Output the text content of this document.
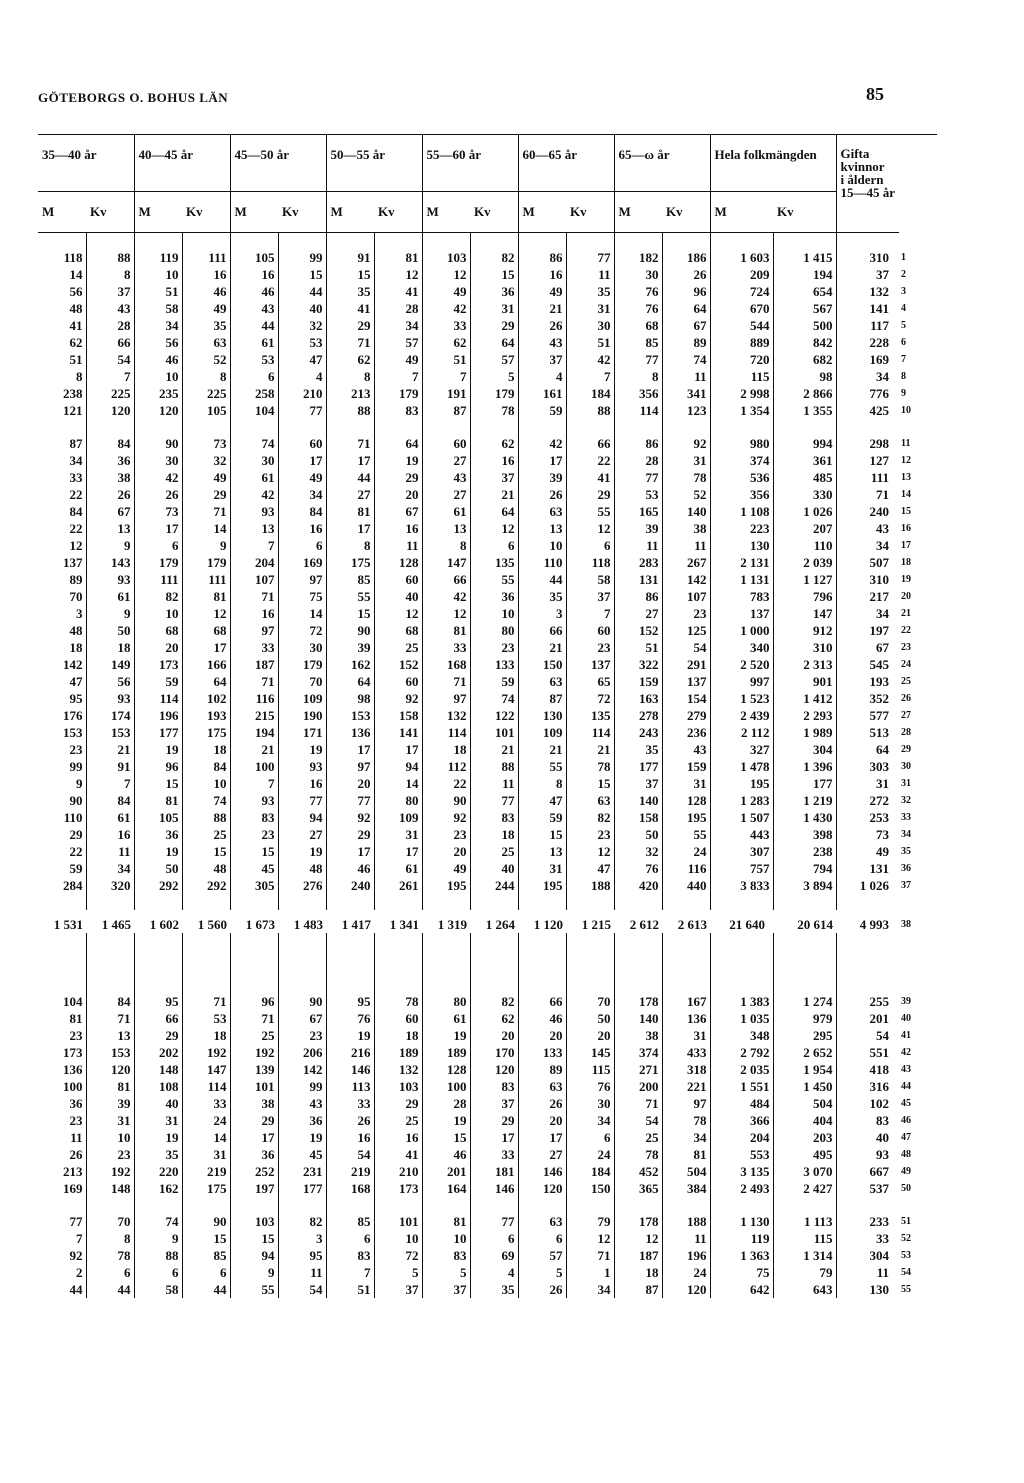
GÖTEBORGS O. BOHUS LÄN	85
35—40 år		40—45 år		45—50 år		50—55 år		55—60 år		60—65 år		65—ω år		Hela folkmängden		Gifta
kvinnor
i åldern
15—45 år	

M	Kv	M	Kv	M	Kv	M	Kv	M	Kv	M	Kv	M	Kv	M	Kv		

118	88	119	111	105	99	91	81	103	82	86	77	182	186	1 603	1 415	310	1
14	8	10	16	16	15	15	12	12	15	16	11	30	26	209	194	37	2
56	37	51	46	46	44	35	41	49	36	49	35	76	96	724	654	132	3
48	43	58	49	43	40	41	28	42	31	21	31	76	64	670	567	141	4
41	28	34	35	44	32	29	34	33	29	26	30	68	67	544	500	117	5
62	66	56	63	61	53	71	57	62	64	43	51	85	89	889	842	228	6
51	54	46	52	53	47	62	49	51	57	37	42	77	74	720	682	169	7
8	7	10	8	6	4	8	7	7	5	4	7	8	11	115	98	34	8
238	225	235	225	258	210	213	179	191	179	161	184	356	341	2 998	2 866	776	9
121	120	120	105	104	77	88	83	87	78	59	88	114	123	1 354	1 355	425	10

87	84	90	73	74	60	71	64	60	62	42	66	86	92	980	994	298	11
34	36	30	32	30	17	17	19	27	16	17	22	28	31	374	361	127	12
33	38	42	49	61	49	44	29	43	37	39	41	77	78	536	485	111	13
22	26	26	29	42	34	27	20	27	21	26	29	53	52	356	330	71	14
84	67	73	71	93	84	81	67	61	64	63	55	165	140	1 108	1 026	240	15
22	13	17	14	13	16	17	16	13	12	13	12	39	38	223	207	43	16
12	9	6	9	7	6	8	11	8	6	10	6	11	11	130	110	34	17
137	143	179	179	204	169	175	128	147	135	110	118	283	267	2 131	2 039	507	18
89	93	111	111	107	97	85	60	66	55	44	58	131	142	1 131	1 127	310	19
70	61	82	81	71	75	55	40	42	36	35	37	86	107	783	796	217	20
3	9	10	12	16	14	15	12	12	10	3	7	27	23	137	147	34	21
48	50	68	68	97	72	90	68	81	80	66	60	152	125	1 000	912	197	22
18	18	20	17	33	30	39	25	33	23	21	23	51	54	340	310	67	23
142	149	173	166	187	179	162	152	168	133	150	137	322	291	2 520	2 313	545	24
47	56	59	64	71	70	64	60	71	59	63	65	159	137	997	901	193	25
95	93	114	102	116	109	98	92	97	74	87	72	163	154	1 523	1 412	352	26
176	174	196	193	215	190	153	158	132	122	130	135	278	279	2 439	2 293	577	27
153	153	177	175	194	171	136	141	114	101	109	114	243	236	2 112	1 989	513	28
23	21	19	18	21	19	17	17	18	21	21	21	35	43	327	304	64	29
99	91	96	84	100	93	97	94	112	88	55	78	177	159	1 478	1 396	303	30
9	7	15	10	7	16	20	14	22	11	8	15	37	31	195	177	31	31
90	84	81	74	93	77	77	80	90	77	47	63	140	128	1 283	1 219	272	32
110	61	105	88	83	94	92	109	92	83	59	82	158	195	1 507	1 430	253	33
29	16	36	25	23	27	29	31	23	18	15	23	50	55	443	398	73	34
22	11	19	15	15	19	17	17	20	25	13	12	32	24	307	238	49	35
59	34	50	48	45	48	46	61	49	40	31	47	76	116	757	794	131	36
284	320	292	292	305	276	240	261	195	244	195	188	420	440	3 833	3 894	1 026	37

1 531	1 465	1 602	1 560	1 673	1 483	1 417	1 341	1 319	1 264	1 120	1 215	2 612	2 613	21 640	20 614	4 993	38

104	84	95	71	96	90	95	78	80	82	66	70	178	167	1 383	1 274	255	39
81	71	66	53	71	67	76	60	61	62	46	50	140	136	1 035	979	201	40
23	13	29	18	25	23	19	18	19	20	20	20	38	31	348	295	54	41
173	153	202	192	192	206	216	189	189	170	133	145	374	433	2 792	2 652	551	42
136	120	148	147	139	142	146	132	128	120	89	115	271	318	2 035	1 954	418	43
100	81	108	114	101	99	113	103	100	83	63	76	200	221	1 551	1 450	316	44
36	39	40	33	38	43	33	29	28	37	26	30	71	97	484	504	102	45
23	31	31	24	29	36	26	25	19	29	20	34	54	78	366	404	83	46
11	10	19	14	17	19	16	16	15	17	17	6	25	34	204	203	40	47
26	23	35	31	36	45	54	41	46	33	27	24	78	81	553	495	93	48
213	192	220	219	252	231	219	210	201	181	146	184	452	504	3 135	3 070	667	49
169	148	162	175	197	177	168	173	164	146	120	150	365	384	2 493	2 427	537	50

77	70	74	90	103	82	85	101	81	77	63	79	178	188	1 130	1 113	233	51
7	8	9	15	15	3	6	10	10	6	6	12	12	11	119	115	33	52
92	78	88	85	94	95	83	72	83	69	57	71	187	196	1 363	1 314	304	53
2	6	6	6	9	11	7	5	5	4	5	1	18	24	75	79	11	54
44	44	58	44	55	54	51	37	37	35	26	34	87	120	642	643	130	55
